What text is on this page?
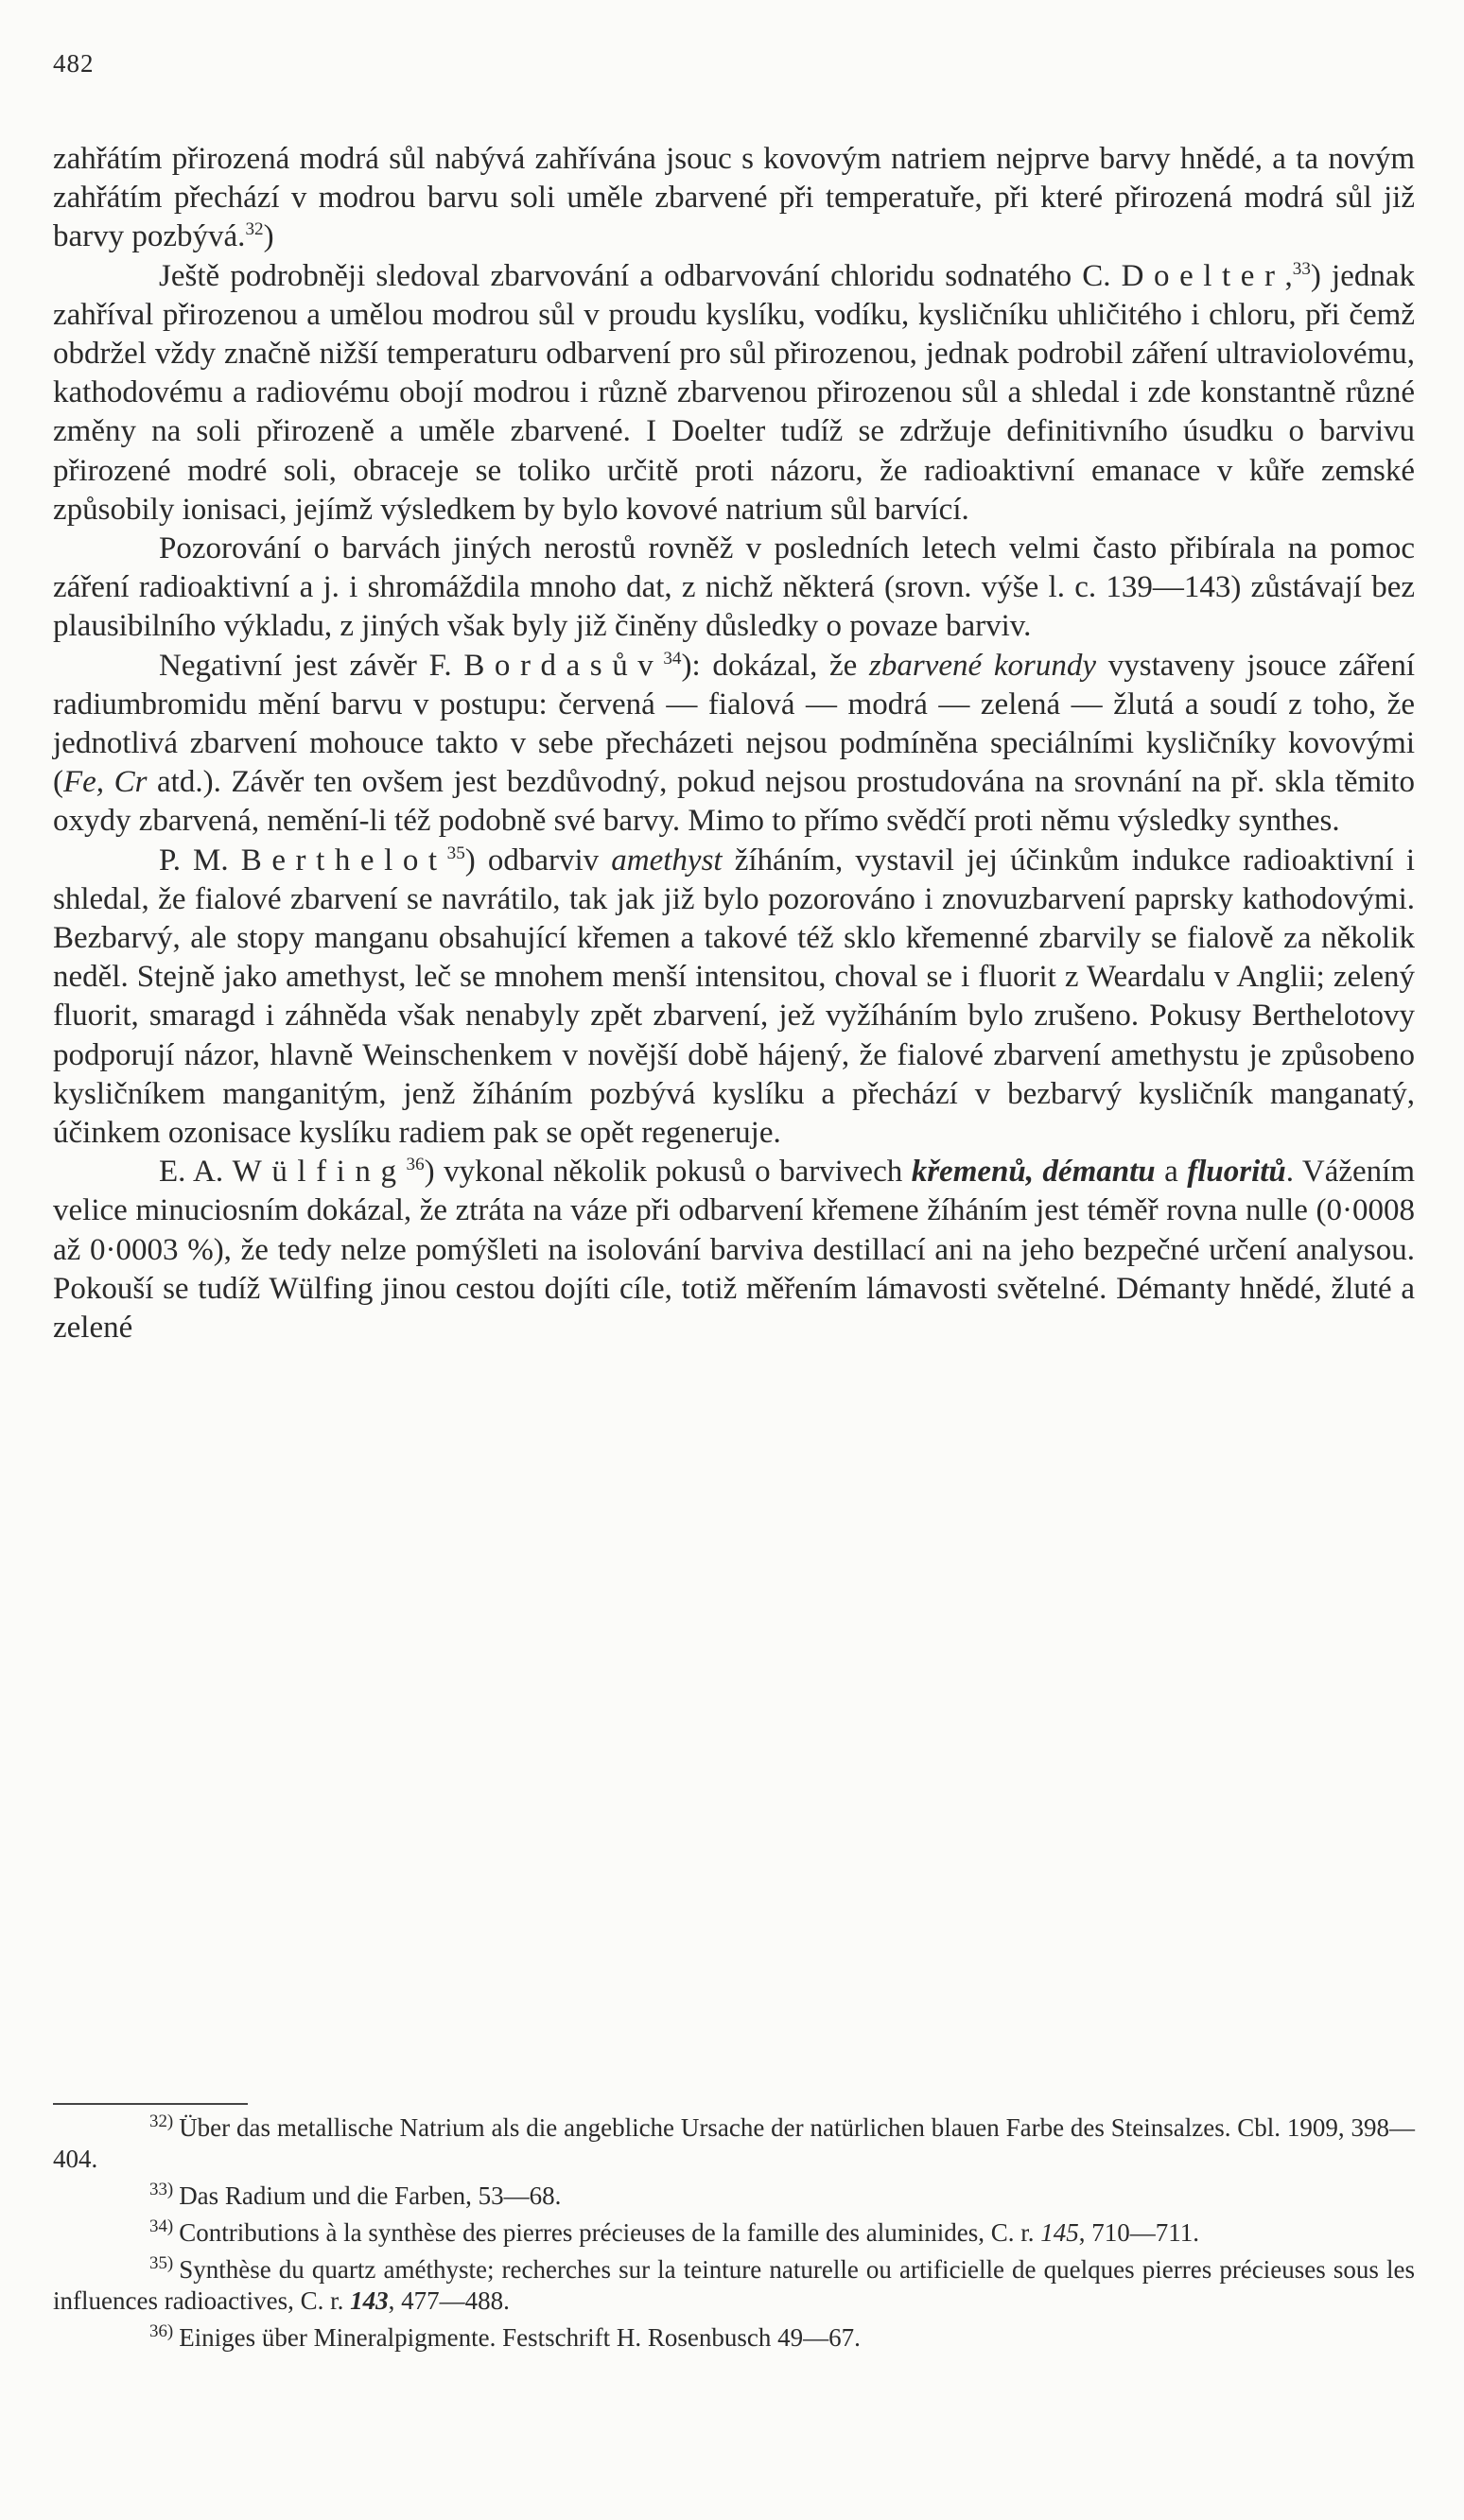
482

zahřátím přirozená modrá sůl nabývá zahřívána jsouc s kovovým natriem nejprve barvy hnědé, a ta novým zahřátím přechází v modrou barvu soli uměle zbarvené při temperatuře, při které přirozená modrá sůl již barvy pozbývá.$^{32}$)

Ještě podrobněji sledoval zbarvování a odbarvování chloridu sodnatého C. Doelter,$^{33}$) jednak zahříval přirozenou a umělou modrou sůl v proudu kyslíku, vodíku, kysličníku uhličitého i chloru, při čemž obdržel vždy značně nižší temperaturu odbarvení pro sůl přirozenou, jednak podrobil záření ultraviolovému, kathodovému a radiovému obojí modrou i různě zbarvenou přirozenou sůl a shledal i zde konstantně různé změny na soli přirozeně a uměle zbarvené. I Doelter tudíž se zdržuje definitivního úsudku o barvivu přirozené modré soli, obraceje se toliko určitě proti názoru, že radioaktivní emanace v kůře zemské způsobily ionisaci, jejímž výsledkem by bylo kovové natrium sůl barvící.

Pozorování o barvách jiných nerostů rovněž v posledních letech velmi často přibírala na pomoc záření radioaktivní a j. i shromáždila mnoho dat, z nichž některá (srovn. výše l. c. 139—143) zůstávají bez plausibilního výkladu, z jiných však byly již činěny důsledky o povaze barviv.

Negativní jest závěr F. Bordasův$^{34}$): dokázal, že zbarvené korundy vystaveny jsouce záření radiumbromidu mění barvu v postupu: červená — fialová — modrá — zelená — žlutá a soudí z toho, že jednotlivá zbarvení mohouce takto v sebe přecházeti nejsou podmíněna speciálními kysličníky kovovými (Fe, Cr atd.). Závěr ten ovšem jest bezdůvodný, pokud nejsou prostudována na srovnání na př. skla těmito oxydy zbarvená, nemění-li též podobně své barvy. Mimo to přímo svědčí proti němu výsledky synthes.

P. M. Berthelot$^{35}$) odbarviv amethyst žíháním, vystavil jej účinkům indukce radioaktivní i shledal, že fialové zbarvení se navrátilo, tak jak již bylo pozorováno i znovuzbarvení paprsky kathodovými. Bezbarvý, ale stopy manganu obsahující křemen a takové též sklo křemenné zbarvily se fialově za několik neděl. Stejně jako amethyst, leč se mnohem menší intensitou, choval se i fluorit z Weardalu v Anglii; zelený fluorit, smaragd i záhněda však nenabyly zpět zbarvení, jež vyžíháním bylo zrušeno. Pokusy Berthelotovy podporují názor, hlavně Weinschenkem v novější době hájený, že fialové zbarvení amethystu je způsobeno kysličníkem manganitým, jenž žíháním pozbývá kyslíku a přechází v bezbarvý kysličník manganatý, účinkem ozonisace kyslíku radiem pak se opět regeneruje.

E. A. Wülfing$^{36}$) vykonal několik pokusů o barvivech křemenů, démantu a fluoritů. Vážením velice minuciosním dokázal, že ztráta na váze při odbarvení křemene žíháním jest téměř rovna nulle (0·0008 až 0·0003 %), že tedy nelze pomýšleti na isolování barviva destillací ani na jeho bezpečné určení analysou. Pokouší se tudíž Wülfing jinou cestou dojíti cíle, totiž měřením lámavosti světelné. Démanty hnědé, žluté a zelené

$^{32)}$ Über das metallische Natrium als die angebliche Ursache der natürlichen blauen Farbe des Steinsalzes. Cbl. 1909, 398—404.

$^{33)}$ Das Radium und die Farben, 53—68.

$^{34)}$ Contributions à la synthèse des pierres précieuses de la famille des aluminides, C. r. 145, 710—711.

$^{35)}$ Synthèse du quartz améthyste; recherches sur la teinture naturelle ou artificielle de quelques pierres précieuses sous les influences radioactives, C. r. 143, 477—488.

$^{36)}$ Einiges über Mineralpigmente. Festschrift H. Rosenbusch 49—67.
